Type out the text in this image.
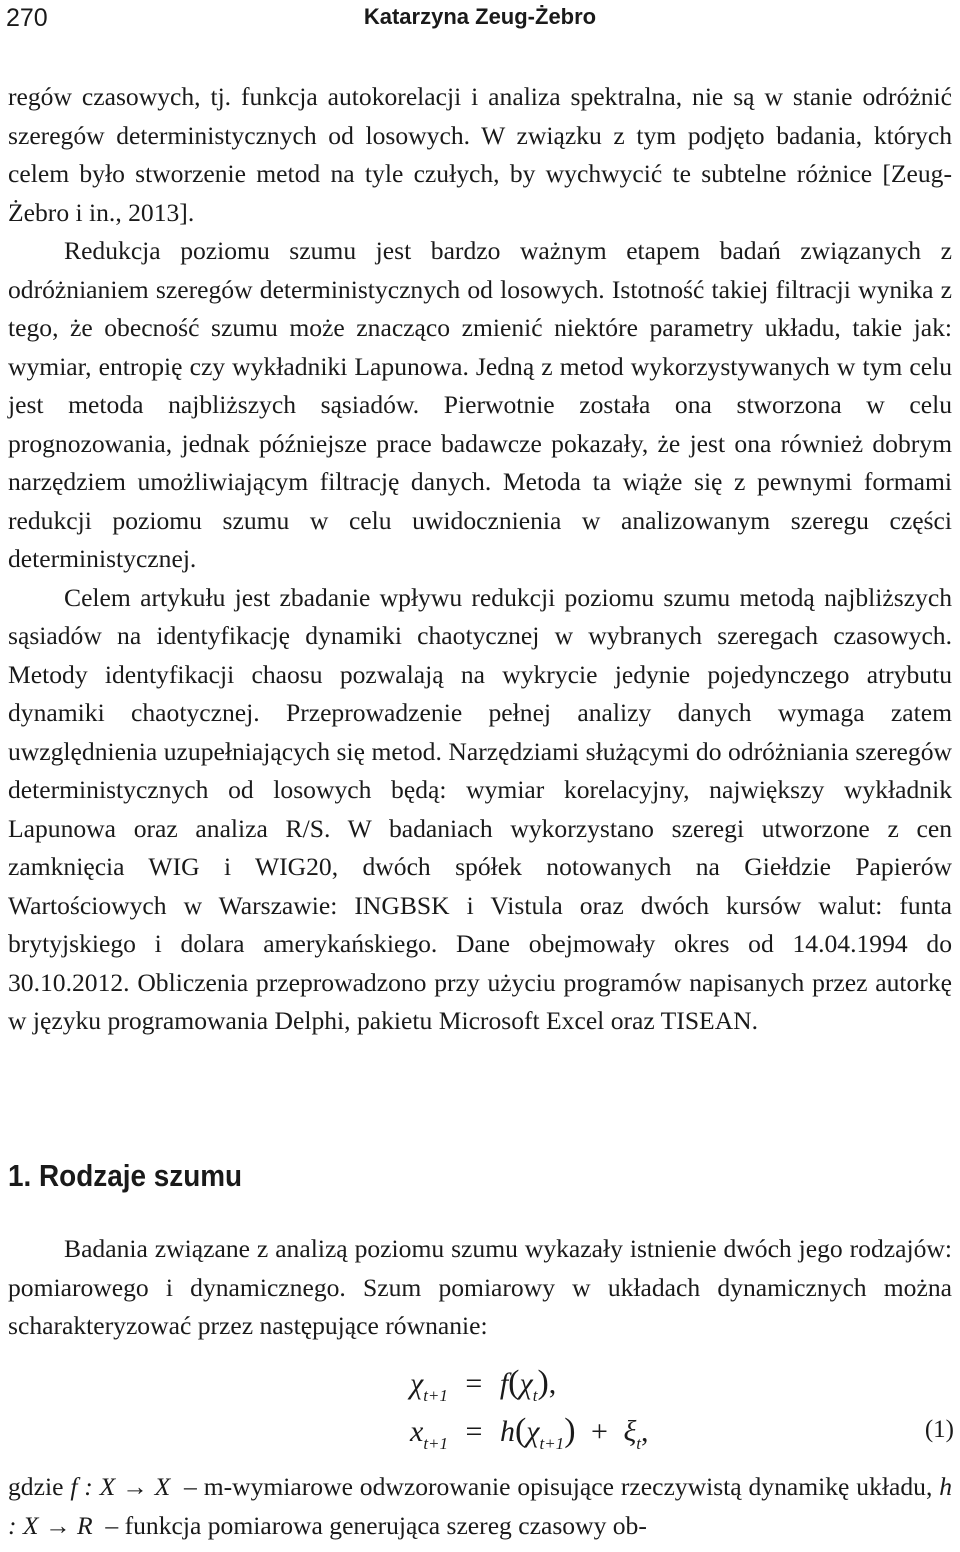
270	Katarzyna Zeug-Żebro

regów czasowych, tj. funkcja autokorelacji i analiza spektralna, nie są w stanie odróżnić szeregów deterministycznych od losowych. W związku z tym podjęto badania, których celem było stworzenie metod na tyle czułych, by wychwycić te subtelne różnice [Zeug-Żebro i in., 2013].

Redukcja poziomu szumu jest bardzo ważnym etapem badań związanych z odróżnianiem szeregów deterministycznych od losowych. Istotność takiej filtracji wynika z tego, że obecność szumu może znacząco zmienić niektóre parametry układu, takie jak: wymiar, entropię czy wykładniki Lapunowa. Jedną z metod wykorzystywanych w tym celu jest metoda najbliższych sąsiadów. Pierwotnie została ona stworzona w celu prognozowania, jednak późniejsze prace badawcze pokazały, że jest ona również dobrym narzędziem umożliwiającym filtrację danych. Metoda ta wiąże się z pewnymi formami redukcji poziomu szumu w celu uwidocznienia w analizowanym szeregu części deterministycznej.

Celem artykułu jest zbadanie wpływu redukcji poziomu szumu metodą najbliższych sąsiadów na identyfikację dynamiki chaotycznej w wybranych szeregach czasowych. Metody identyfikacji chaosu pozwalają na wykrycie jedynie pojedynczego atrybutu dynamiki chaotycznej. Przeprowadzenie pełnej analizy danych wymaga zatem uwzględnienia uzupełniających się metod. Narzędziami służącymi do odróżniania szeregów deterministycznych od losowych będą: wymiar korelacyjny, największy wykładnik Lapunowa oraz analiza R/S. W badaniach wykorzystano szeregi utworzone z cen zamknięcia WIG i WIG20, dwóch spółek notowanych na Giełdzie Papierów Wartościowych w Warszawie: INGBSK i Vistula oraz dwóch kursów walut: funta brytyjskiego i dolara amerykańskiego. Dane obejmowały okres od 14.04.1994 do 30.10.2012. Obliczenia przeprowadzono przy użyciu programów napisanych przez autorkę w języku programowania Delphi, pakietu Microsoft Excel oraz TISEAN.

1. Rodzaje szumu

Badania związane z analizą poziomu szumu wykazały istnienie dwóch jego rodzajów: pomiarowego i dynamicznego. Szum pomiarowy w układach dynamicznych można scharakteryzować przez następujące równanie:

$\chi_{t+1} = f(\chi_t)$,
$x_{t+1} = h(\chi_{t+1}) + \xi_t$,	(1)

gdzie f : X → X  – m-wymiarowe odwzorowanie opisujące rzeczywistą dynamikę układu, h : X → R  – funkcja pomiarowa generująca szereg czasowy ob-
